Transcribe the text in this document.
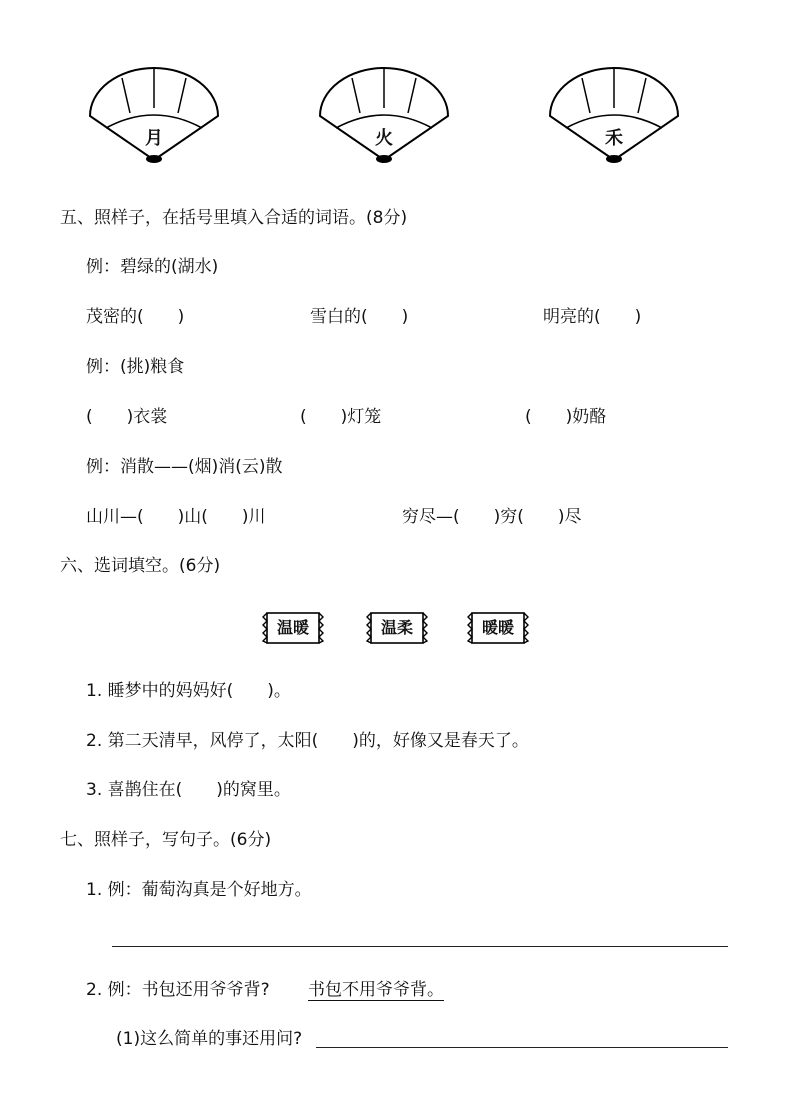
月	火	禾
五、照样子，在括号里填入合适的词语。(8分)
例：碧绿的(湖水)
茂密的(　　)	雪白的(　　)	明亮的(　　)
例：(挑)粮食
(　　)衣裳	(　　)灯笼	(　　)奶酪
例：消散——(烟)消(云)散
山川—(　　)山(　　)川	穷尽—(　　)穷(　　)尽
六、选词填空。(6分)
温暖	温柔	暖暖
1. 睡梦中的妈妈好(　　)。
2. 第二天清早，风停了，太阳(　　)的，好像又是春天了。
3. 喜鹊住在(　　)的窝里。
七、照样子，写句子。(6分)
1. 例：葡萄沟真是个好地方。
2. 例：书包还用爷爷背? 书包不用爷爷背。
(1)这么简单的事还用问?
